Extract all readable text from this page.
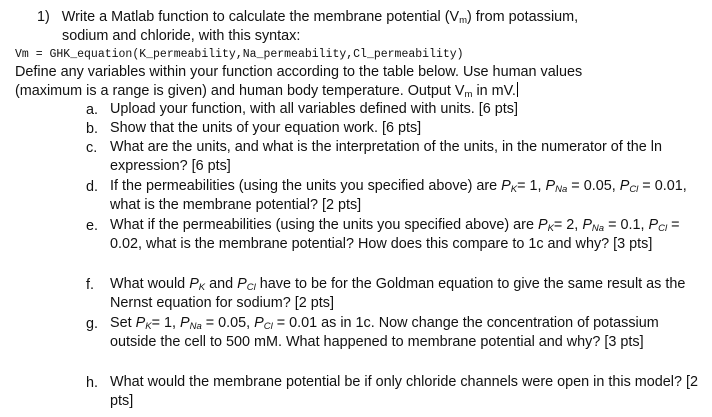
1) Write a Matlab function to calculate the membrane potential $(V_m)$ from potassium,
sodium and chloride, with this syntax:
Vm = GHK_equation(K_permeability,Na_permeability,Cl_permeability)
Define any variables within your function according to the table below. Use human values
(maximum is a range is given) and human body temperature. Output $V_m$ in mV.
a. Upload your function, with all variables defined with units. [6 pts]
b. Show that the units of your equation work. [6 pts]
c. What are the units, and what is the interpretation of the units, in the numerator of the ln expression? [6 pts]
d. If the permeabilities (using the units you specified above) are $P_K= 1$, $P_{Na} = 0.05$, $P_{Cl} = 0.01$, what is the membrane potential? [2 pts]
e. What if the permeabilities (using the units you specified above) are $P_K= 2$, $P_{Na} = 0.1$, $P_{Cl} = 0.02$, what is the membrane potential? How does this compare to 1c and why? [3 pts]
f.	What would $P_K$ and $P_{Cl}$ have to be for the Goldman equation to give the same result as the Nernst equation for sodium? [2 pts]
g. Set $P_K= 1$, $P_{Na} = 0.05$, $P_{Cl} = 0.01$ as in 1c. Now change the concentration of potassium outside the cell to 500 mM. What happened to membrane potential and why? [3 pts]
h. What would the membrane potential be if only chloride channels were open in this model? [2 pts]
